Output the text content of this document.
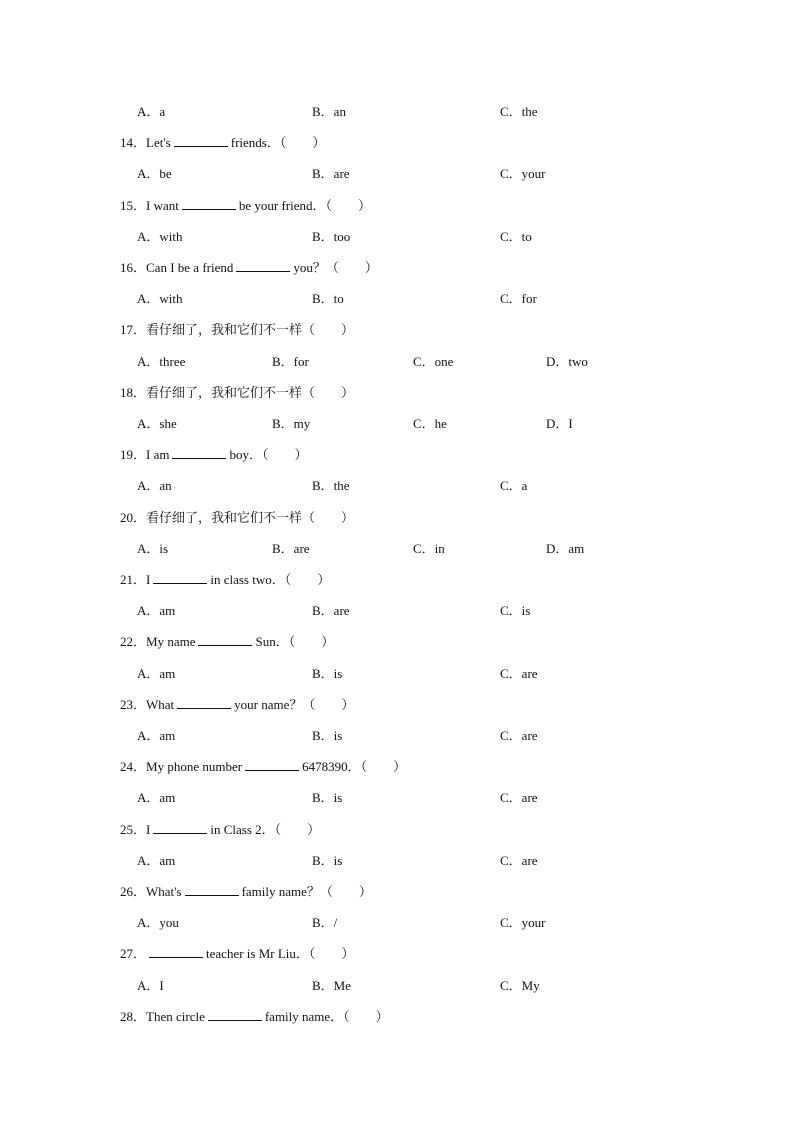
A．a	B．an	C．the
14．Let's	friends．（　　）
A．be	B．are	C．your
15．I want	be your friend．（　　）
A．with	B．too	C．to
16．Can I be a friend	you？（　　）
A．with	B．to	C．for
17．看仔细了，我和它们不一样（　　）
A．three	B．for	C．one	D．two
18．看仔细了，我和它们不一样（　　）
A．she	B．my	C．he	D．I
19．I am	boy．（　　）
A．an	B．the	C．a
20．看仔细了，我和它们不一样（　　）
A．is	B．are	C．in	D．am
21．I	in class two．（　　）
A．am	B．are	C．is
22．My name	Sun．（　　）
A．am	B．is	C．are
23．What	your name？（　　）
A．am	B．is	C．are
24．My phone number	6478390．（　　）
A．am	B．is	C．are
25．I	in Class 2．（　　）
A．am	B．is	C．are
26．What's	family name？（　　）
A．you	B．/	C．your
27．	teacher is Mr Liu．（　　）
A．I	B．Me	C．My
28．Then circle	family name．（　　）
